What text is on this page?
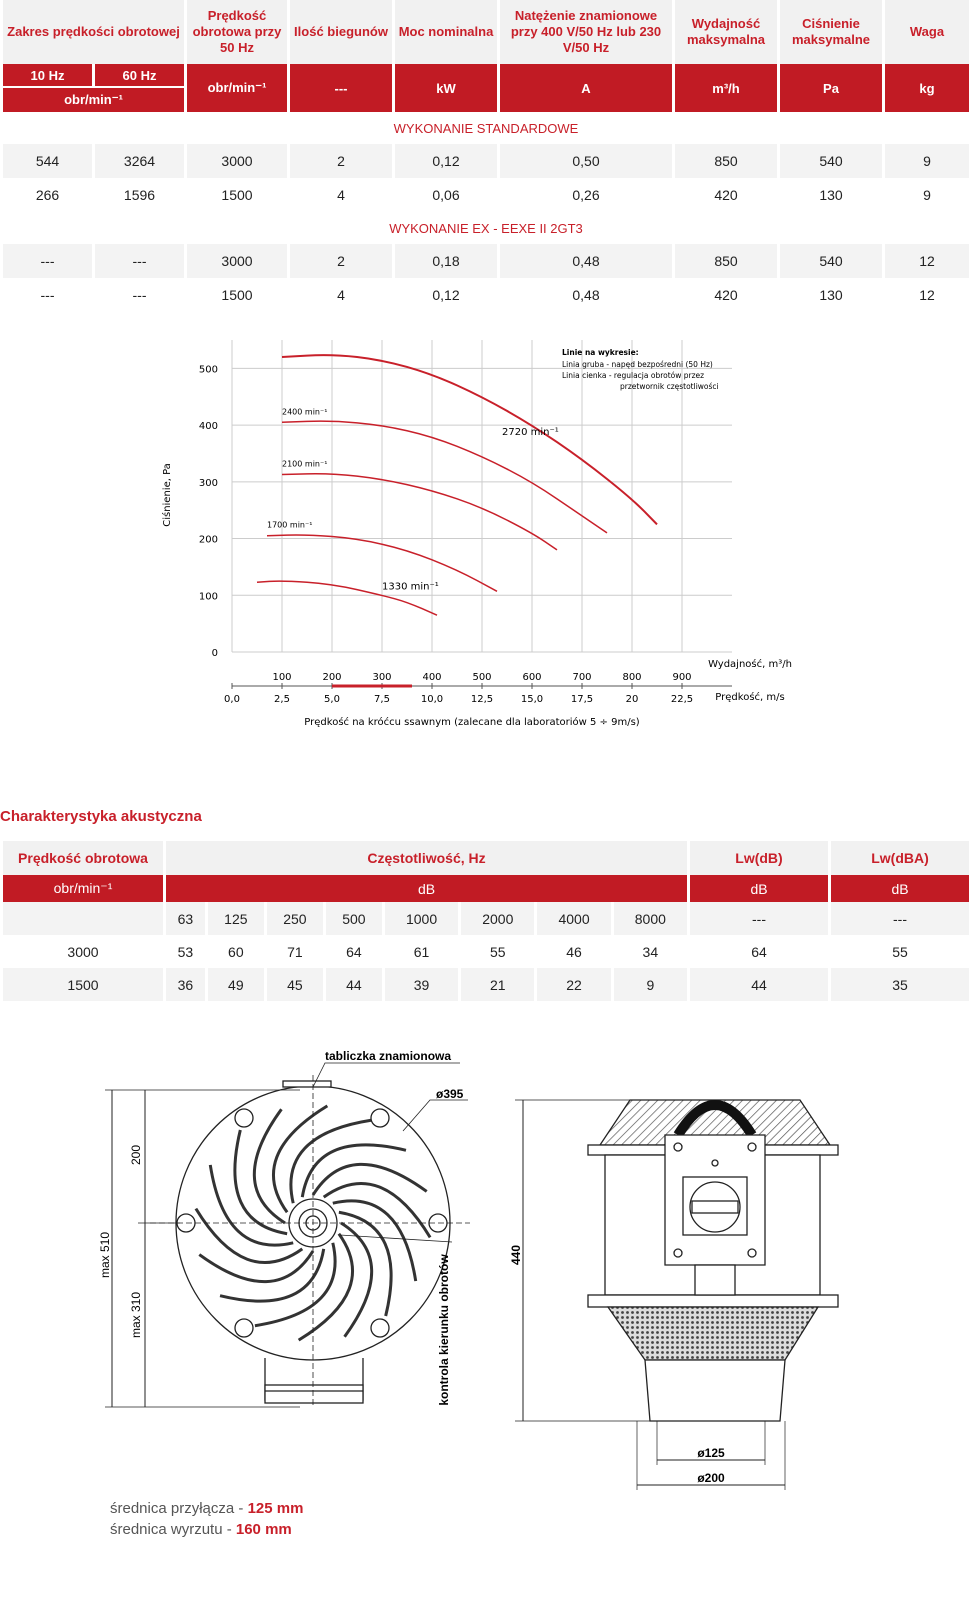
Zakres prędkości obrotowej		Prędkość obrotowa przy 50 Hz	Ilość biegunów	Moc nominalna	Natężenie znamionowe przy 400 V/50 Hz lub 230 V/50 Hz	Wydajność maksymalna	Ciśnienie maksymalne	Waga
10 Hz	60 Hz	obr/min⁻¹	---	kW	A	m³/h	Pa	kg
obr/min⁻¹								
WYKONANIE STANDARDOWE								
544	3264	3000	2	0,12	0,50	850	540	9
266	1596	1500	4	0,06	0,26	420	130	9
WYKONANIE EX - EEXE II 2GT3								
---	---	3000	2	0,18	0,48	850	540	12
---	---	1500	4	0,12	0,48	420	130	12
2720 min⁻¹
2400 min⁻¹
2100 min⁻¹
1700 min⁻¹
1330 min⁻¹
100	200	300	400	500	600	700	800	900
0
100
200
300
400
500
0,0	2,5	5,0	7,5	10,0	12,5	15,0	17,5	20	22,5
Ciśnienie, Pa
Wydajność, m³/h
Prędkość, m/s
Prędkość na króćcu ssawnym (zalecane dla laboratoriów 5 ÷ 9m/s)
Linie na wykresie:
Linia gruba - napęd bezpośredni (50 Hz)
Linia cienka - regulacja obrotów przez
przetwornik częstotliwości
Charakterystyka akustyczna
Prędkość obrotowa	Częstotliwość, Hz								Lw(dB)	Lw(dBA)
obr/min⁻¹	dB								dB	dB
	63	125	250	500	1000	2000	4000	8000	---	---
3000	53	60	71	64	61	55	46	34	64	55
1500	36	49	45	44	39	21	22	9	44	35
tabliczka znamionowa
ø395
200
max 510
max 310	kontrola kierunku obrotów	440
ø125
ø200
średnica przyłącza - 125 mm
średnica wyrzutu - 160 mm
